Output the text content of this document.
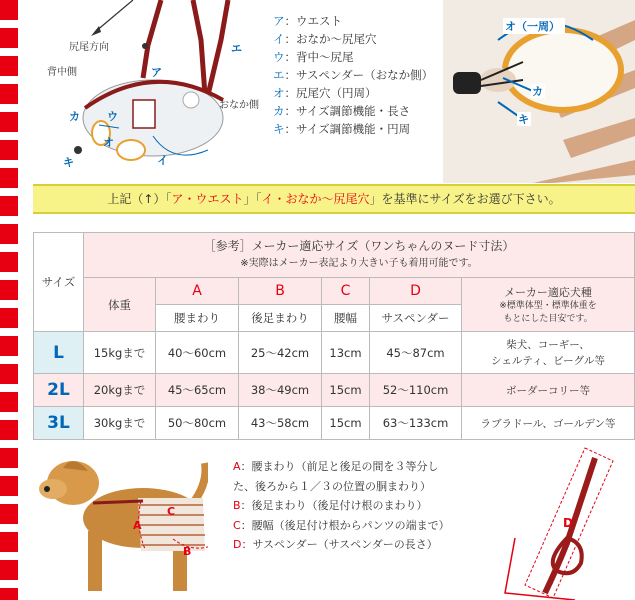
尻尾方向
背中側
おなか側
ア
イ
ウ
エ
オ
カ
キ
ア：ウエスト
イ：おなか〜尻尾穴
ウ：背中〜尻尾
エ：サスペンダー（おなか側）
オ：尻尾穴（円周）
カ：サイズ調節機能・長さ
キ：サイズ調節機能・円周
オ（一周）
カ
キ
上記（↑）「ア・ウエスト」「イ・おなか〜尻尾穴」を基準にサイズをお選び下さい。
サイズ	［参考］メーカー適応サイズ（ワンちゃんのヌード寸法）
※実際はメーカー表記より大きい子も着用可能です。					

	体重	A	B	C	D	メーカー適応犬種
※標準体型・標準体重を
もとにした目安です。

		腰まわり	後足まわり	腰幅	サスペンダー	
L	15kgまで	40〜60cm	25〜42cm	13cm	45〜87cm	柴犬、コーギー、
シェルティ、ビーグル等

2L	20kgまで	45〜65cm	38〜49cm	15cm	52〜110cm	ボーダーコリー等
3L	30kgまで	50〜80cm	43〜58cm	15cm	63〜133cm	ラブラドール、ゴールデン等
A
B
C
A：腰まわり（前足と後足の間を３等分し
た、後ろから１／３の位置の胴まわり）
B：後足まわり（後足付け根のまわり）
C：腰幅（後足付け根からパンツの端まで）
D：サスペンダー（サスペンダーの長さ）
D
